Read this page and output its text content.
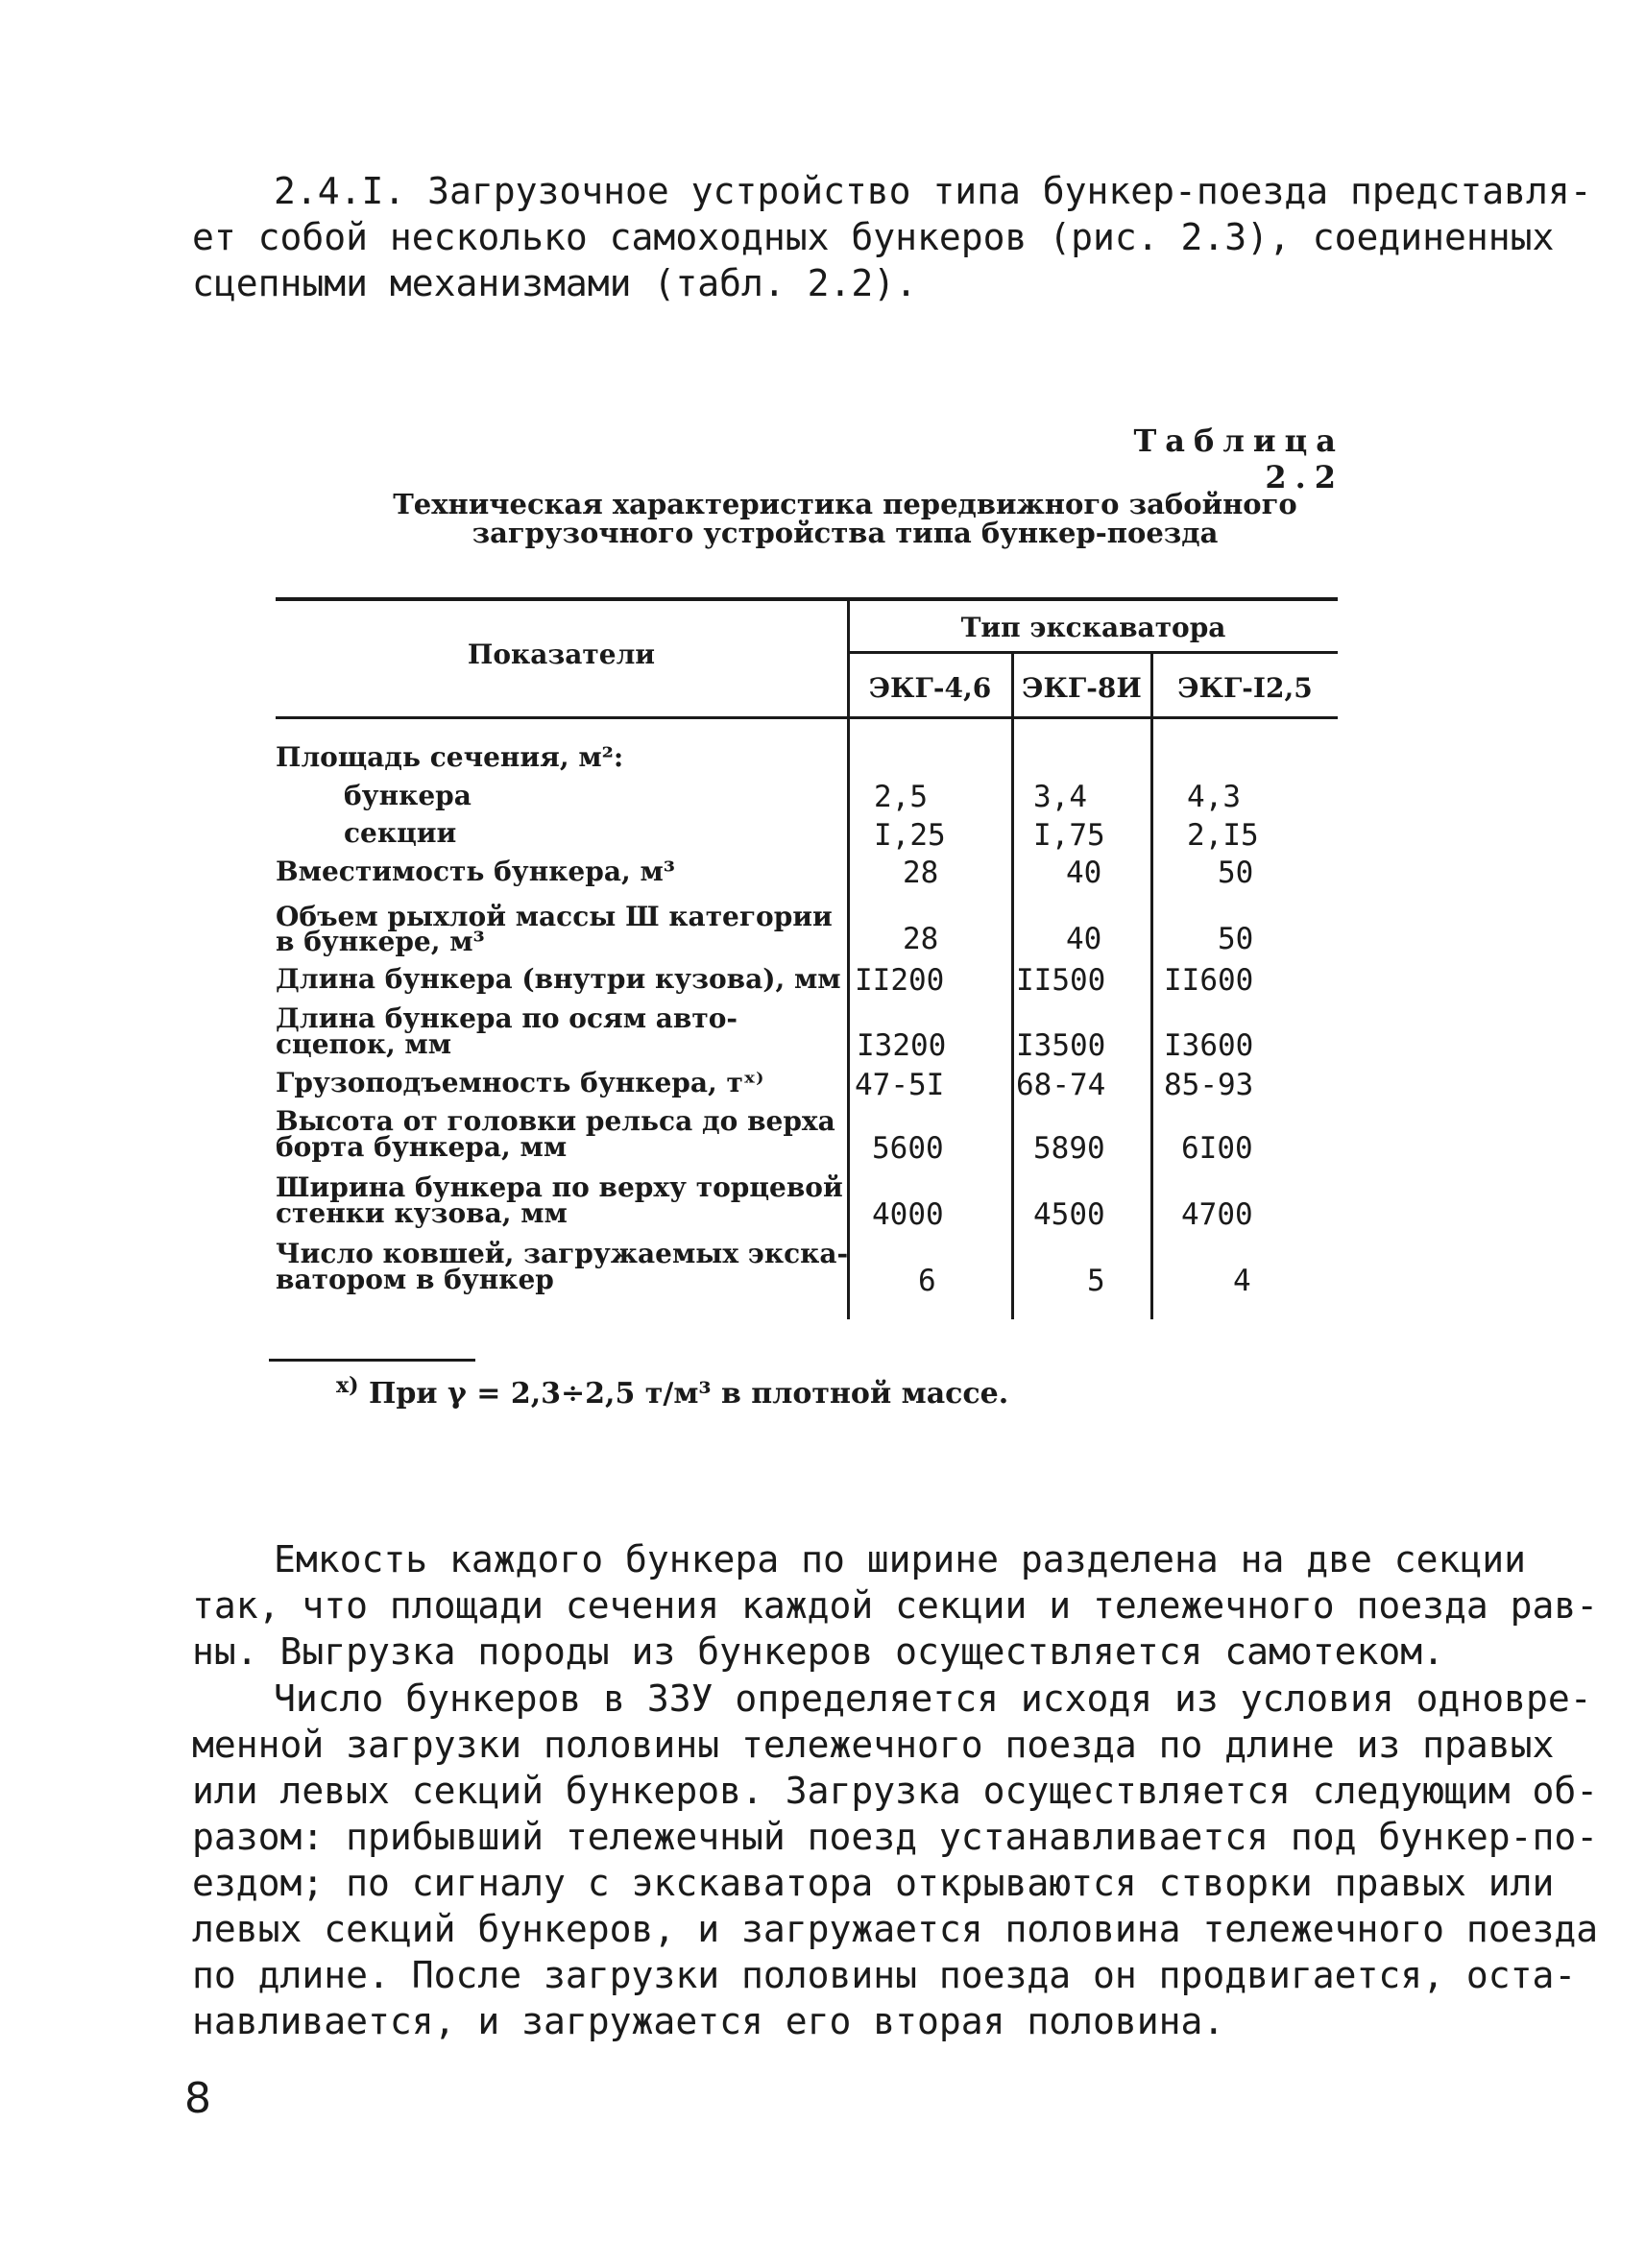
2.4.I. Загрузочное устройство типа бункер-поезда представля-
ет собой несколько самоходных бункеров (рис. 2.3), соединенных
сцепными механизмами (табл. 2.2).
Таблица 2.2
Техническая характеристика передвижного забойного
загрузочного устройства типа бункер-поезда
Показатели
Тип экскаватора
ЭКГ-4,6	ЭКГ-8И	ЭКГ-I2,5
Площадь сечения, м²:
бункера
секции
Вместимость бункера, м³
Объем рыхлой массы Ш категории
в бункере, м³
Длина бункера (внутри кузова), мм
Длина бункера по осям авто-
сцепок, мм
Грузоподъемность бункера, тˣ⁾
Высота от головки рельса до верха
борта бункера, мм
Ширина бункера по верху торцевой
стенки кузова, мм
Число ковшей, загружаемых экска-
ватором в бункер
2,5
I,25
28
28
II200
I3200
47-5I
5600
4000
6
3,4
I,75
40
40
II500
I3500
68-74
5890
4500
5
4,3
2,I5
50
50
II600
I3600
85-93
6I00
4700
4
$^{х)}$ При γ = 2,3÷2,5 т/м³ в плотной массе.
Емкость каждого бункера по ширине разделена на две секции
так, что площади сечения каждой секции и тележечного поезда рав-
ны. Выгрузка породы из бункеров осуществляется самотеком.
Число бункеров в ЗЗУ определяется исходя из условия одновре-
менной загрузки половины тележечного поезда по длине из правых
или левых секций бункеров. Загрузка осуществляется следующим об-
разом: прибывший тележечный поезд устанавливается под бункер-по-
ездом; по сигналу с экскаватора открываются створки правых или
левых секций бункеров, и загружается половина тележечного поезда
по длине. После загрузки половины поезда он продвигается, оста-
навливается, и загружается его вторая половина.
8
